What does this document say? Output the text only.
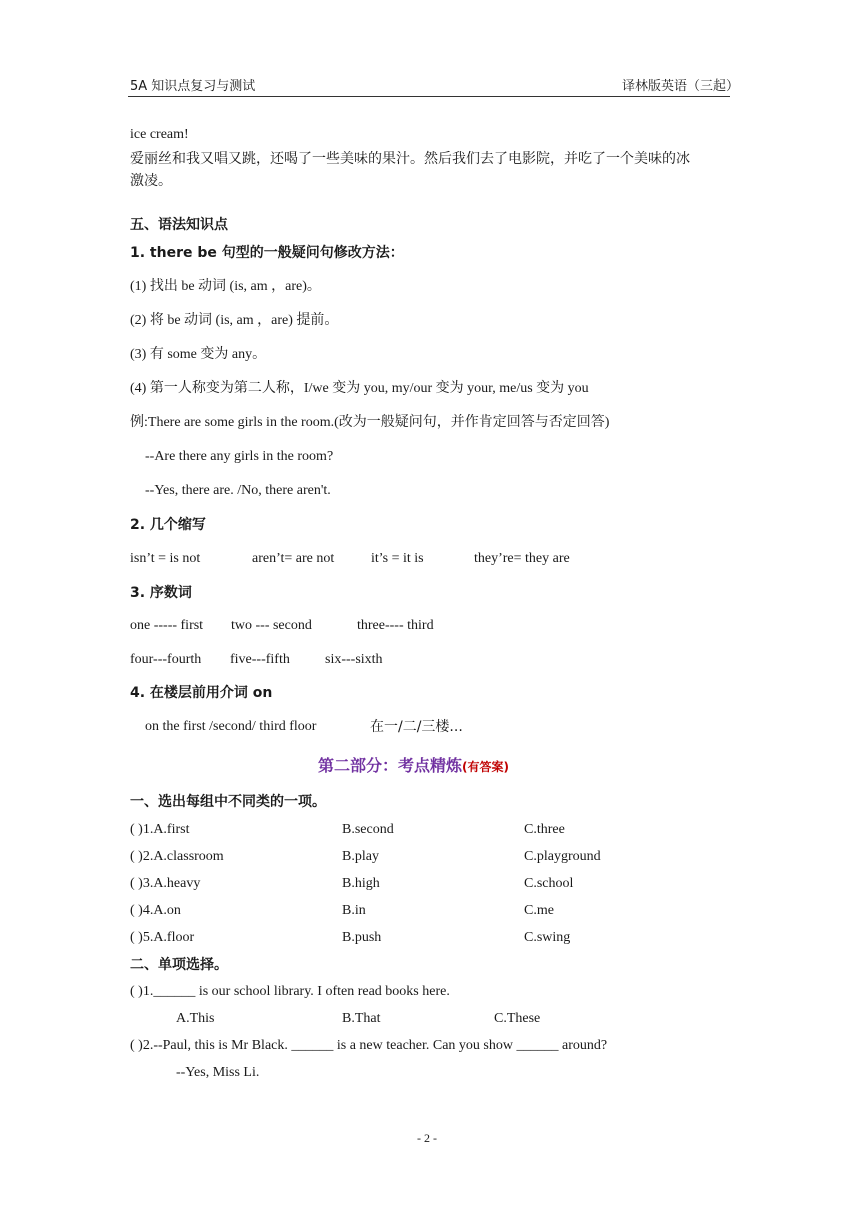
5A 知识点复习与测试	译林版英语（三起）
ice cream!
爱丽丝和我又唱又跳，还喝了一些美味的果汁。然后我们去了电影院，并吃了一个美味的冰
激凌。
五、语法知识点
1. there be 句型的一般疑问句修改方法：
(1) 找出 be 动词 (is, am ，are)。
(2) 将 be 动词 (is, am ，are) 提前。
(3) 有 some 变为 any。
(4) 第一人称变为第二人称，I/we 变为 you, my/our 变为 your, me/us 变为 you
例:There are some girls in the room.(改为一般疑问句，并作肯定回答与否定回答)
--Are there any girls in the room?
--Yes, there are. /No, there aren't.
2. 几个缩写
isn’t = is not	aren’t= are not	it’s = it is	they’re= they are
3. 序数词
one ----- first two --- second	three---- third
four---fourth five---fifth	six---sixth
4. 在楼层前用介词 on
on the first /second/ third floor	在一/二/三楼...
第二部分：考点精炼(有答案)
一、选出每组中不同类的一项。
( )1.A.first	B.second	C.three
( )2.A.classroom	B.play	C.playground
( )3.A.heavy	B.high	C.school
( )4.A.on	B.in	C.me
( )5.A.floor	B.push	C.swing
二、单项选择。
( )1.______ is our school library. I often read books here.
A.This	B.That	C.These
( )2.--Paul, this is Mr Black. ______ is a new teacher. Can you show ______ around?
--Yes, Miss Li.
- 2 -
